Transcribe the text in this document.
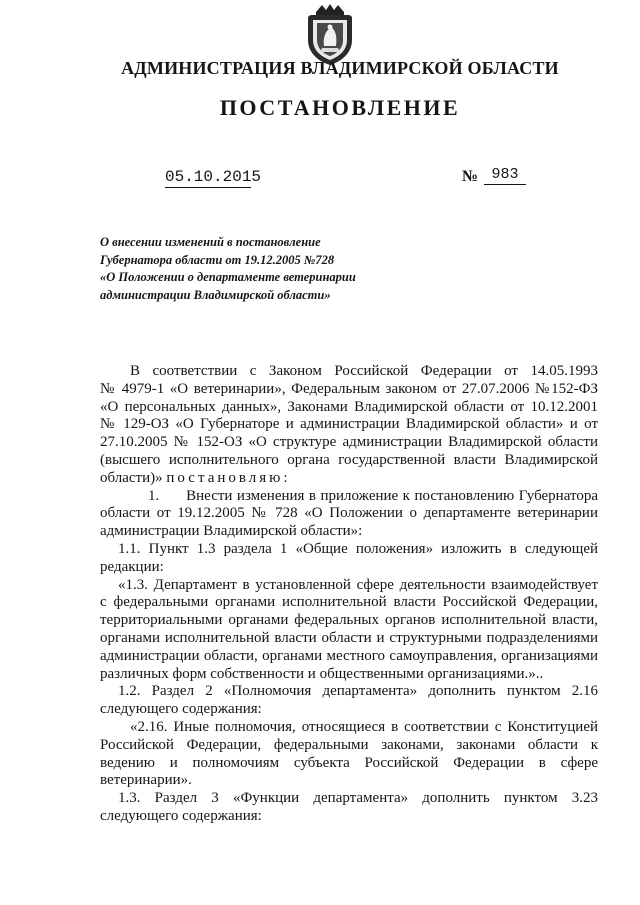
АДМИНИСТРАЦИЯ ВЛАДИМИРСКОЙ ОБЛАСТИ
ПОСТАНОВЛЕНИЕ
05.10.2015	№ 983
О внесении изменений в постановление
Губернатора области от 19.12.2005 №728
«О Положении о департаменте ветеринарии
администрации Владимирской области»
В соответствии с Законом Российской Федерации от 14.05.1993
№ 4979-1 «О ветеринарии», Федеральным законом от 27.07.2006 №152-ФЗ
«О персональных данных», Законами Владимирской области от 10.12.2001
№ 129-ОЗ «О Губернаторе и администрации Владимирской области» и от
27.10.2005 № 152-ОЗ «О структуре администрации Владимирской области
(высшего исполнительного органа государственной власти Владимирской
области)» постановляю:
1.      Внести изменения в приложение к постановлению Губернатора
области от 19.12.2005 № 728 «О Положении о департаменте ветеринарии
администрации Владимирской области»:
1.1. Пункт 1.3 раздела 1 «Общие положения» изложить в следующей
редакции:
«1.3. Департамент в установленной сфере деятельности взаимодействует
с федеральными органами исполнительной власти Российской Федерации,
территориальными органами федеральных органов исполнительной власти,
органами исполнительной власти области и структурными подразделениями
администрации области, органами местного самоуправления, организациями
различных форм собственности и общественными организациями.»..
1.2. Раздел 2 «Полномочия департамента» дополнить пунктом 2.16
следующего содержания:
«2.16. Иные полномочия, относящиеся в соответствии с Конституцией
Российской Федерации, федеральными законами, законами области к
ведению и полномочиям субъекта Российской Федерации в сфере
ветеринарии».
1.3. Раздел 3 «Функции департамента» дополнить пунктом 3.23
следующего содержания:
